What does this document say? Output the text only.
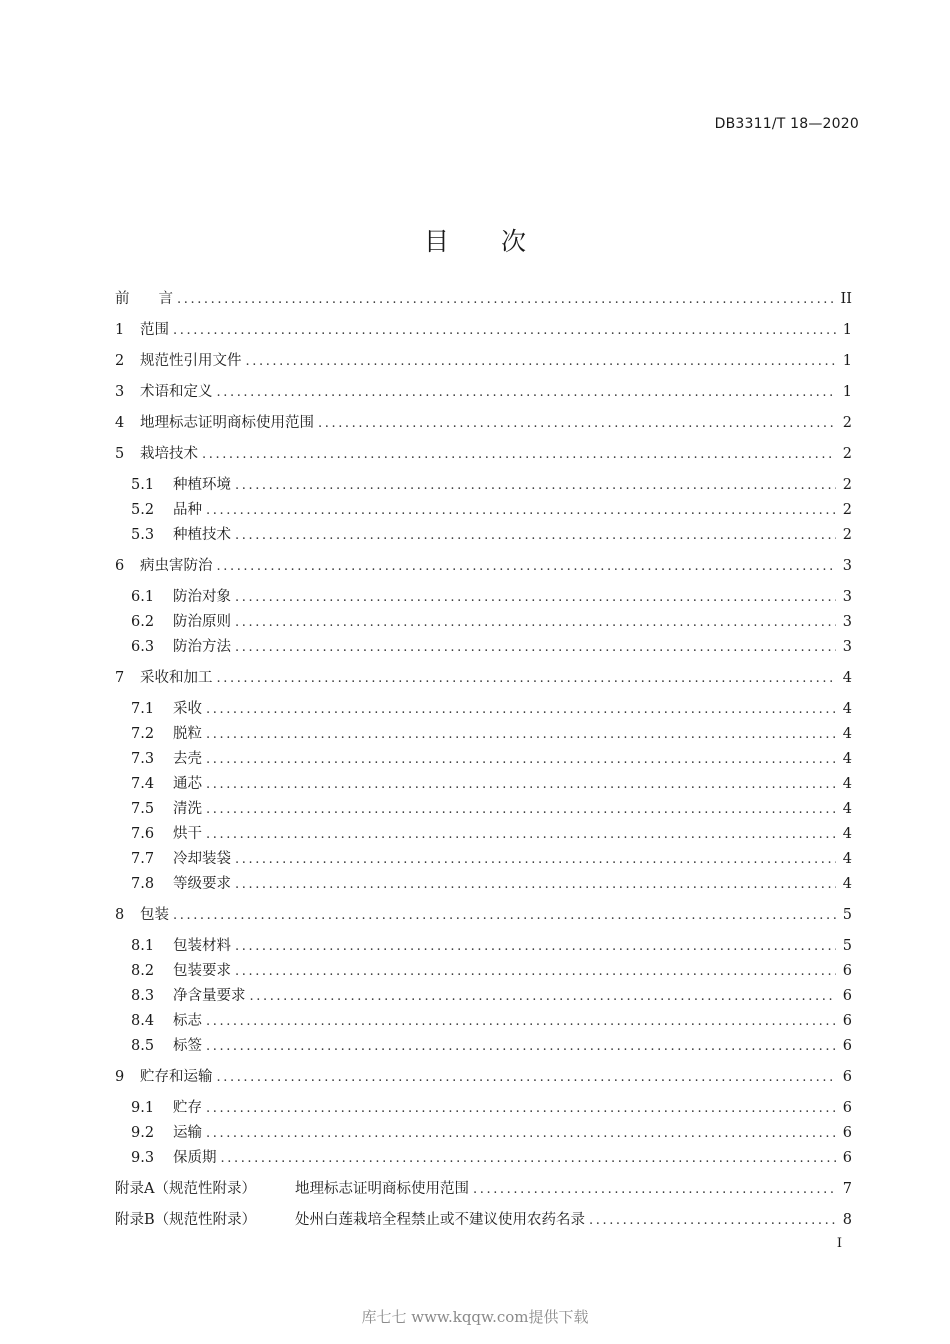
DB3311/T 18—2020
目 次
前　　言 .....	II
1	范围 .....	1
2	规范性引用文件 .....	1
3	术语和定义 .....	1
4	地理标志证明商标使用范围 .....	2
5	栽培技术 .....	2
5.1	种植环境 .....	2
5.2	品种 .....	2
5.3	种植技术 .....	2
6	病虫害防治 .....	3
6.1	防治对象 .....	3
6.2	防治原则 .....	3
6.3	防治方法 .....	3
7	采收和加工 .....	4
7.1	采收 .....	4
7.2	脱粒 .....	4
7.3	去壳 .....	4
7.4	通芯 .....	4
7.5	清洗 .....	4
7.6	烘干 .....	4
7.7	冷却装袋 .....	4
7.8	等级要求 .....	4
8	包装 .....	5
8.1	包装材料 .....	5
8.2	包装要求 .....	6
8.3	净含量要求 .....	6
8.4	标志 .....	6
8.5	标签 .....	6
9	贮存和运输 .....	6
9.1	贮存 .....	6
9.2	运输 .....	6
9.3	保质期 .....	6
附录A（规范性附录）	地理标志证明商标使用范围 .....	7
附录B（规范性附录）	处州白莲栽培全程禁止或不建议使用农药名录 .....	8
I
库七七 www.kqqw.com提供下载
